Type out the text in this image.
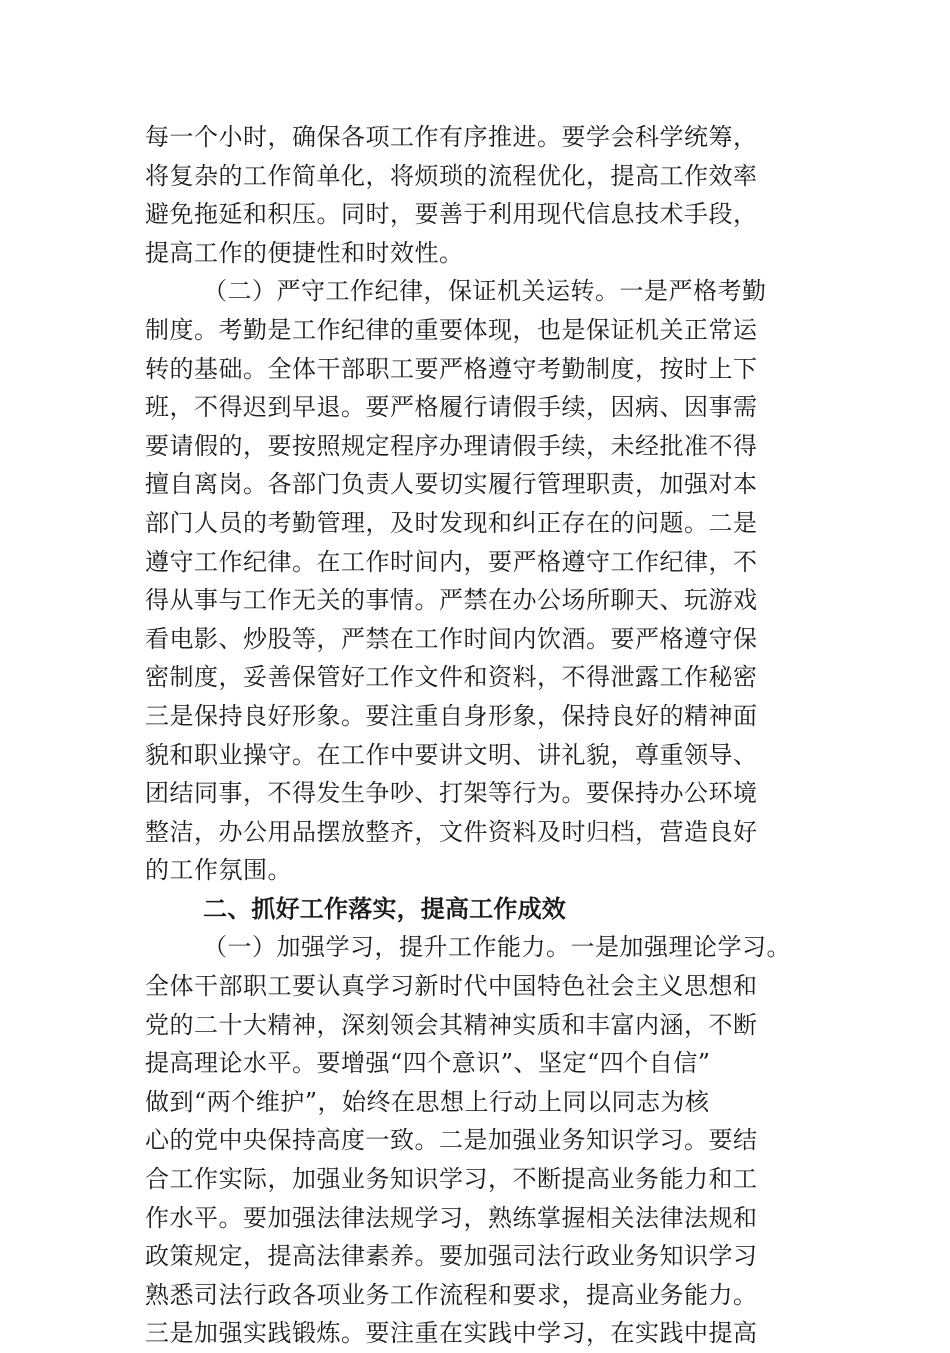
每一个小时，确保各项工作有序推进。要学会科学统筹，
将复杂的工作简单化，将烦琐的流程优化，提高工作效率
避免拖延和积压。同时，要善于利用现代信息技术手段，
提高工作的便捷性和时效性。
（二）严守工作纪律，保证机关运转。一是严格考勤
制度。考勤是工作纪律的重要体现，也是保证机关正常运
转的基础。全体干部职工要严格遵守考勤制度，按时上下
班，不得迟到早退。要严格履行请假手续，因病、因事需
要请假的，要按照规定程序办理请假手续，未经批准不得
擅自离岗。各部门负责人要切实履行管理职责，加强对本
部门人员的考勤管理，及时发现和纠正存在的问题。二是
遵守工作纪律。在工作时间内，要严格遵守工作纪律，不
得从事与工作无关的事情。严禁在办公场所聊天、玩游戏
看电影、炒股等，严禁在工作时间内饮酒。要严格遵守保
密制度，妥善保管好工作文件和资料，不得泄露工作秘密
三是保持良好形象。要注重自身形象，保持良好的精神面
貌和职业操守。在工作中要讲文明、讲礼貌，尊重领导、
团结同事，不得发生争吵、打架等行为。要保持办公环境
整洁，办公用品摆放整齐，文件资料及时归档，营造良好
的工作氛围。
二、抓好工作落实，提高工作成效
（一）加强学习，提升工作能力。一是加强理论学习。
全体干部职工要认真学习新时代中国特色社会主义思想和
党的二十大精神，深刻领会其精神实质和丰富内涵，不断
提高理论水平。要增强“四个意识”、坚定“四个自信”
做到“两个维护”，始终在思想上行动上同以同志为核
心的党中央保持高度一致。二是加强业务知识学习。要结
合工作实际，加强业务知识学习，不断提高业务能力和工
作水平。要加强法律法规学习，熟练掌握相关法律法规和
政策规定，提高法律素养。要加强司法行政业务知识学习
熟悉司法行政各项业务工作流程和要求，提高业务能力。
三是加强实践锻炼。要注重在实践中学习，在实践中提高
